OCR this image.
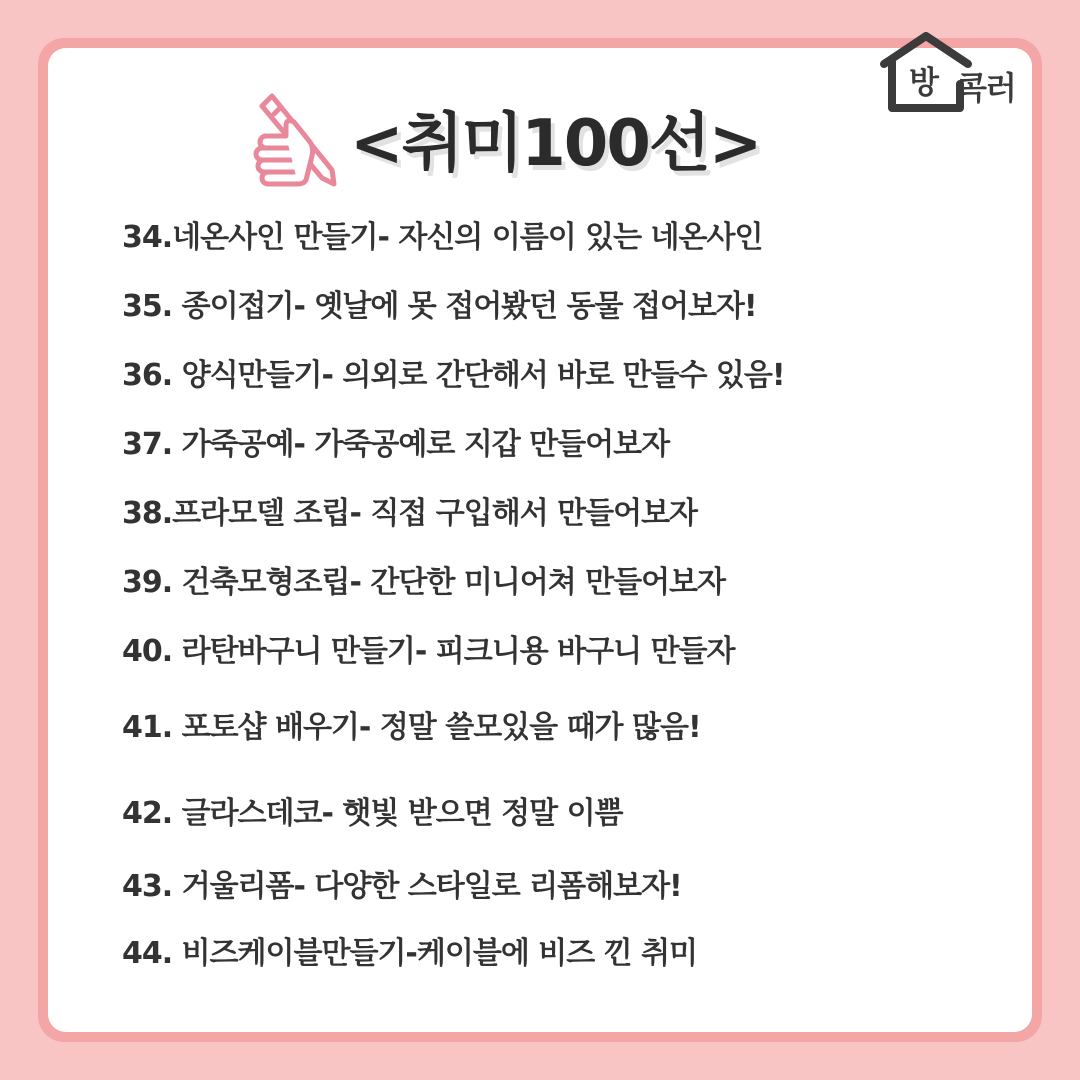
방 콕러
<취미100선>
34.네온사인 만들기- 자신의 이름이 있는 네온사인
35. 종이접기- 옛날에 못 접어봤던 동물 접어보자!
36. 양식만들기- 의외로 간단해서 바로 만들수 있음!
37. 가죽공예- 가죽공예로 지갑 만들어보자
38.프라모델 조립- 직접 구입해서 만들어보자
39. 건축모형조립- 간단한 미니어쳐 만들어보자
40. 라탄바구니 만들기- 피크니용 바구니 만들자
41. 포토샵 배우기- 정말 쓸모있을 때가 많음!
42. 글라스데코- 햇빛 받으면 정말 이쁨
43. 거울리폼- 다양한 스타일로 리폼해보자!
44. 비즈케이블만들기-케이블에 비즈 낀 취미
